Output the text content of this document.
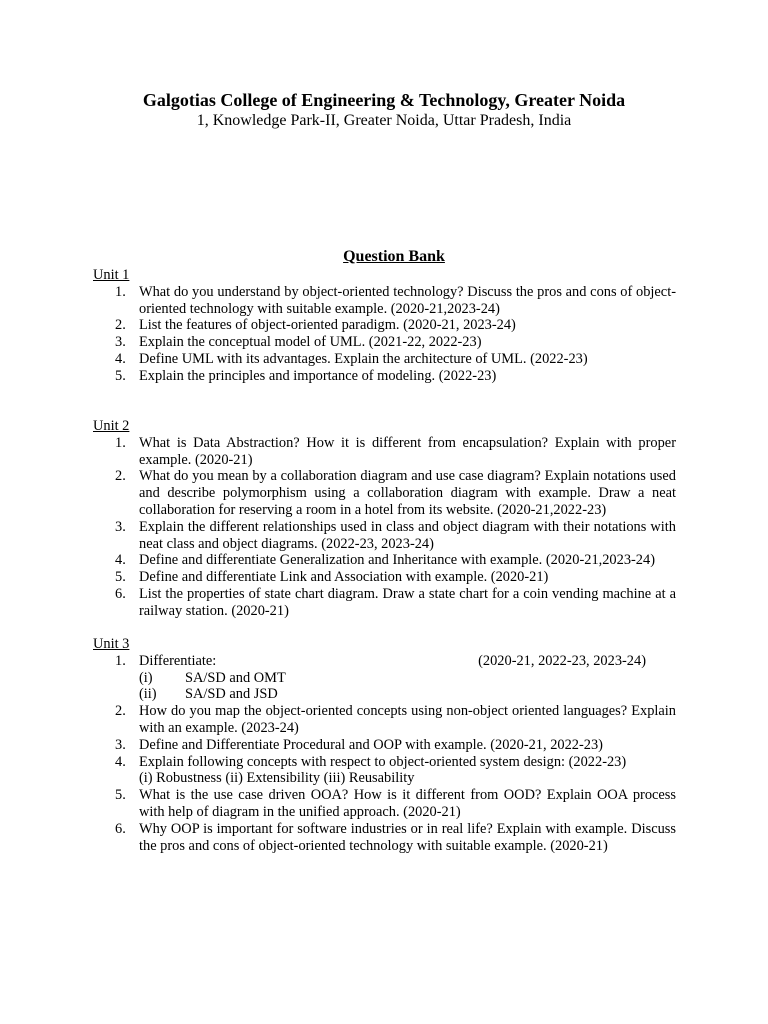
Galgotias College of Engineering & Technology, Greater Noida
1, Knowledge Park-II, Greater Noida, Uttar Pradesh, India
Question Bank

Unit 1

1. What do you understand by object-oriented technology? Discuss the pros and cons of object-oriented technology with suitable example. (2020-21,2023-24)
2. List the features of object-oriented paradigm. (2020-21, 2023-24)
3. Explain the conceptual model of UML. (2021-22, 2022-23)
4. Define UML with its advantages. Explain the architecture of UML. (2022-23)
5. Explain the principles and importance of modeling. (2022-23)

Unit 2

1. What is Data Abstraction? How it is different from encapsulation? Explain with proper example. (2020-21)
2. What do you mean by a collaboration diagram and use case diagram? Explain notations used and describe polymorphism using a collaboration diagram with example. Draw a neat collaboration for reserving a room in a hotel from its website. (2020-21,2022-23)
3. Explain the different relationships used in class and object diagram with their notations with neat class and object diagrams. (2022-23, 2023-24)
4. Define and differentiate Generalization and Inheritance with example. (2020-21,2023-24)
5. Define and differentiate Link and Association with example. (2020-21)
6. List the properties of state chart diagram. Draw a state chart for a coin vending machine at a railway station. (2020-21)

Unit 3

1. Differentiate:	(2020-21, 2022-23, 2023-24)
(i) SA/SD and OMT
(ii) SA/SD and JSD
2. How do you map the object-oriented concepts using non-object oriented languages? Explain with an example. (2023-24)
3. Define and Differentiate Procedural and OOP with example. (2020-21, 2022-23)
4. Explain following concepts with respect to object-oriented system design: (2022-23)
(i) Robustness (ii) Extensibility (iii) Reusability
5. What is the use case driven OOA? How is it different from OOD? Explain OOA process with help of diagram in the unified approach. (2020-21)
6. Why OOP is important for software industries or in real life? Explain with example. Discuss the pros and cons of object-oriented technology with suitable example. (2020-21)
